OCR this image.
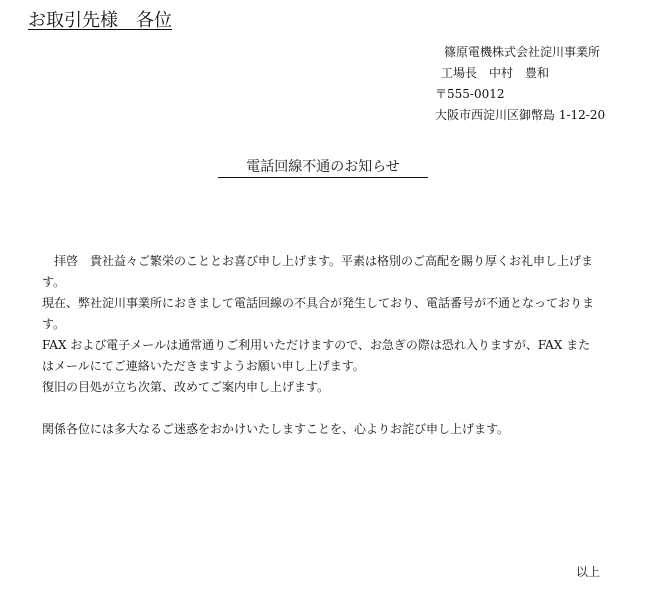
お取引先様　各位
篠原電機株式会社淀川事業所
工場長　中村　豊和
〒555-0012
大阪市西淀川区御幣島 1-12-20
電話回線不通のお知らせ

　拝啓　貴社益々ご繁栄のこととお喜び申し上げます。平素は格別のご高配を賜り厚くお礼申し上げます。

現在、弊社淀川事業所におきまして電話回線の不具合が発生しており、電話番号が不通となっております。

FAX および電子メールは通常通りご利用いただけますので、お急ぎの際は恐れ入りますが、FAX またはメールにてご連絡いただきますようお願い申し上げます。

復旧の目処が立ち次第、改めてご案内申し上げます。

関係各位には多大なるご迷惑をおかけいたしますことを、心よりお詫び申し上げます。

以上
